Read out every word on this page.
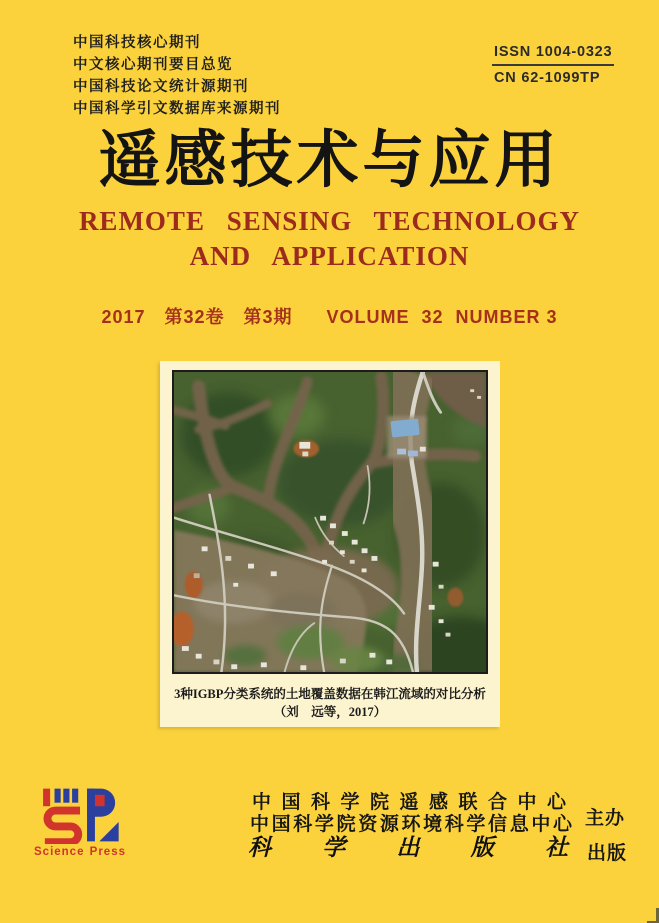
中国科技核心期刊
中文核心期刊要目总览
中国科技论文统计源期刊
中国科学引文数据库来源期刊
ISSN 1004-0323
CN 62-1099TP
遥感技术与应用
REMOTE SENSING TECHNOLOGY
AND APPLICATION
2017　第32卷　第3期 VOLUME  32  NUMBER 3
3种IGBP分类系统的土地覆盖数据在韩江流域的对比分析
（刘　远等，2017）
Science Press
中国科学院遥感联合中心
中国科学院资源环境科学信息中心
科学出版社
主办
出版
